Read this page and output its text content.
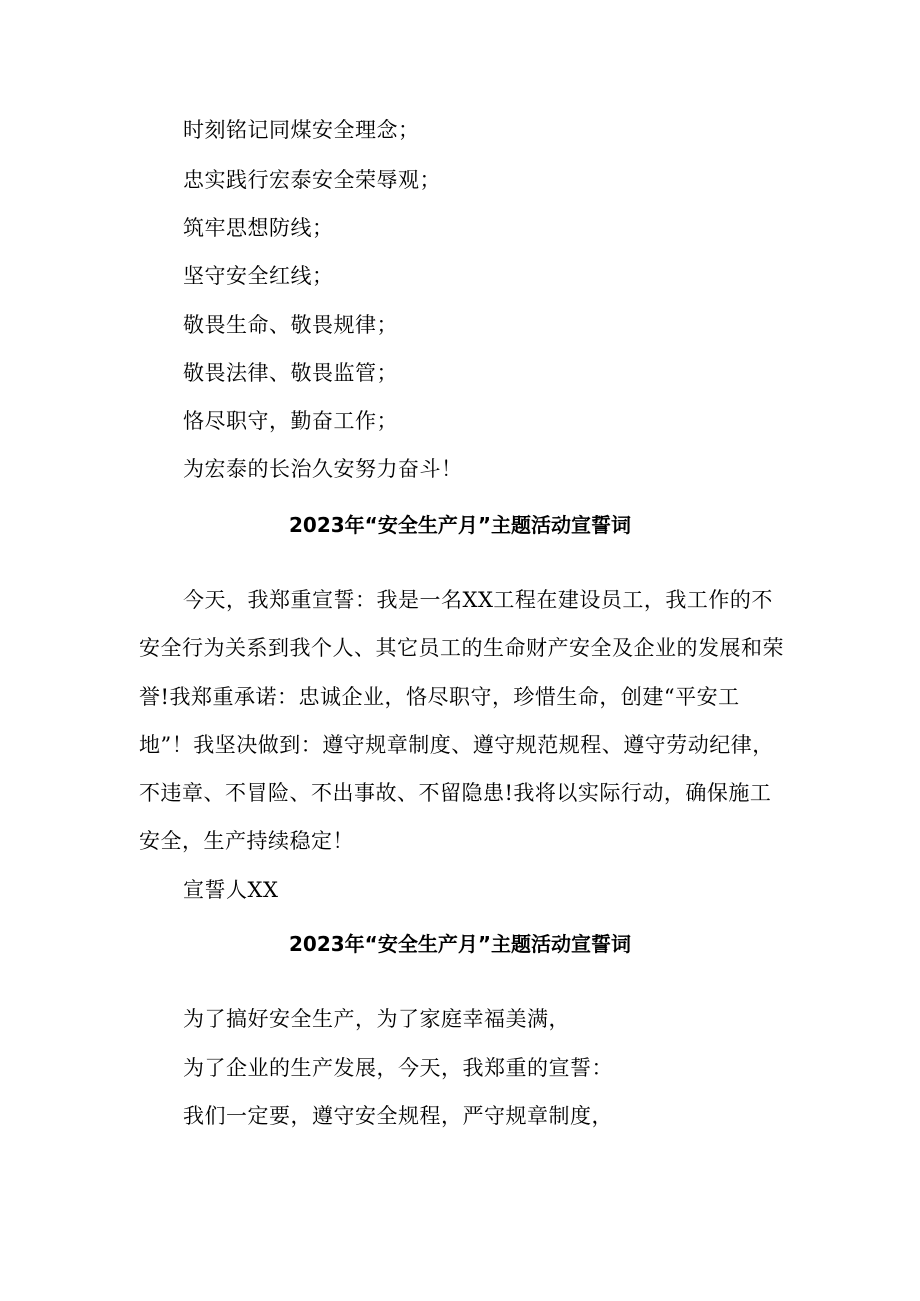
时刻铭记同煤安全理念；
忠实践行宏泰安全荣辱观；
筑牢思想防线；
坚守安全红线；
敬畏生命、敬畏规律；
敬畏法律、敬畏监管；
恪尽职守，勤奋工作；
为宏泰的长治久安努力奋斗！
2023年“安全生产月”主题活动宣誓词
今天，我郑重宣誓：我是一名XX工程在建设员工，我工作的不
安全行为关系到我个人、其它员工的生命财产安全及企业的发展和荣
誉!我郑重承诺：忠诚企业，恪尽职守，珍惜生命，创建“平安工
地”！我坚决做到：遵守规章制度、遵守规范规程、遵守劳动纪律，
不违章、不冒险、不出事故、不留隐患!我将以实际行动，确保施工
安全，生产持续稳定！
宣誓人XX
2023年“安全生产月”主题活动宣誓词
为了搞好安全生产，为了家庭幸福美满，
为了企业的生产发展，今天，我郑重的宣誓：
我们一定要，遵守安全规程，严守规章制度，
